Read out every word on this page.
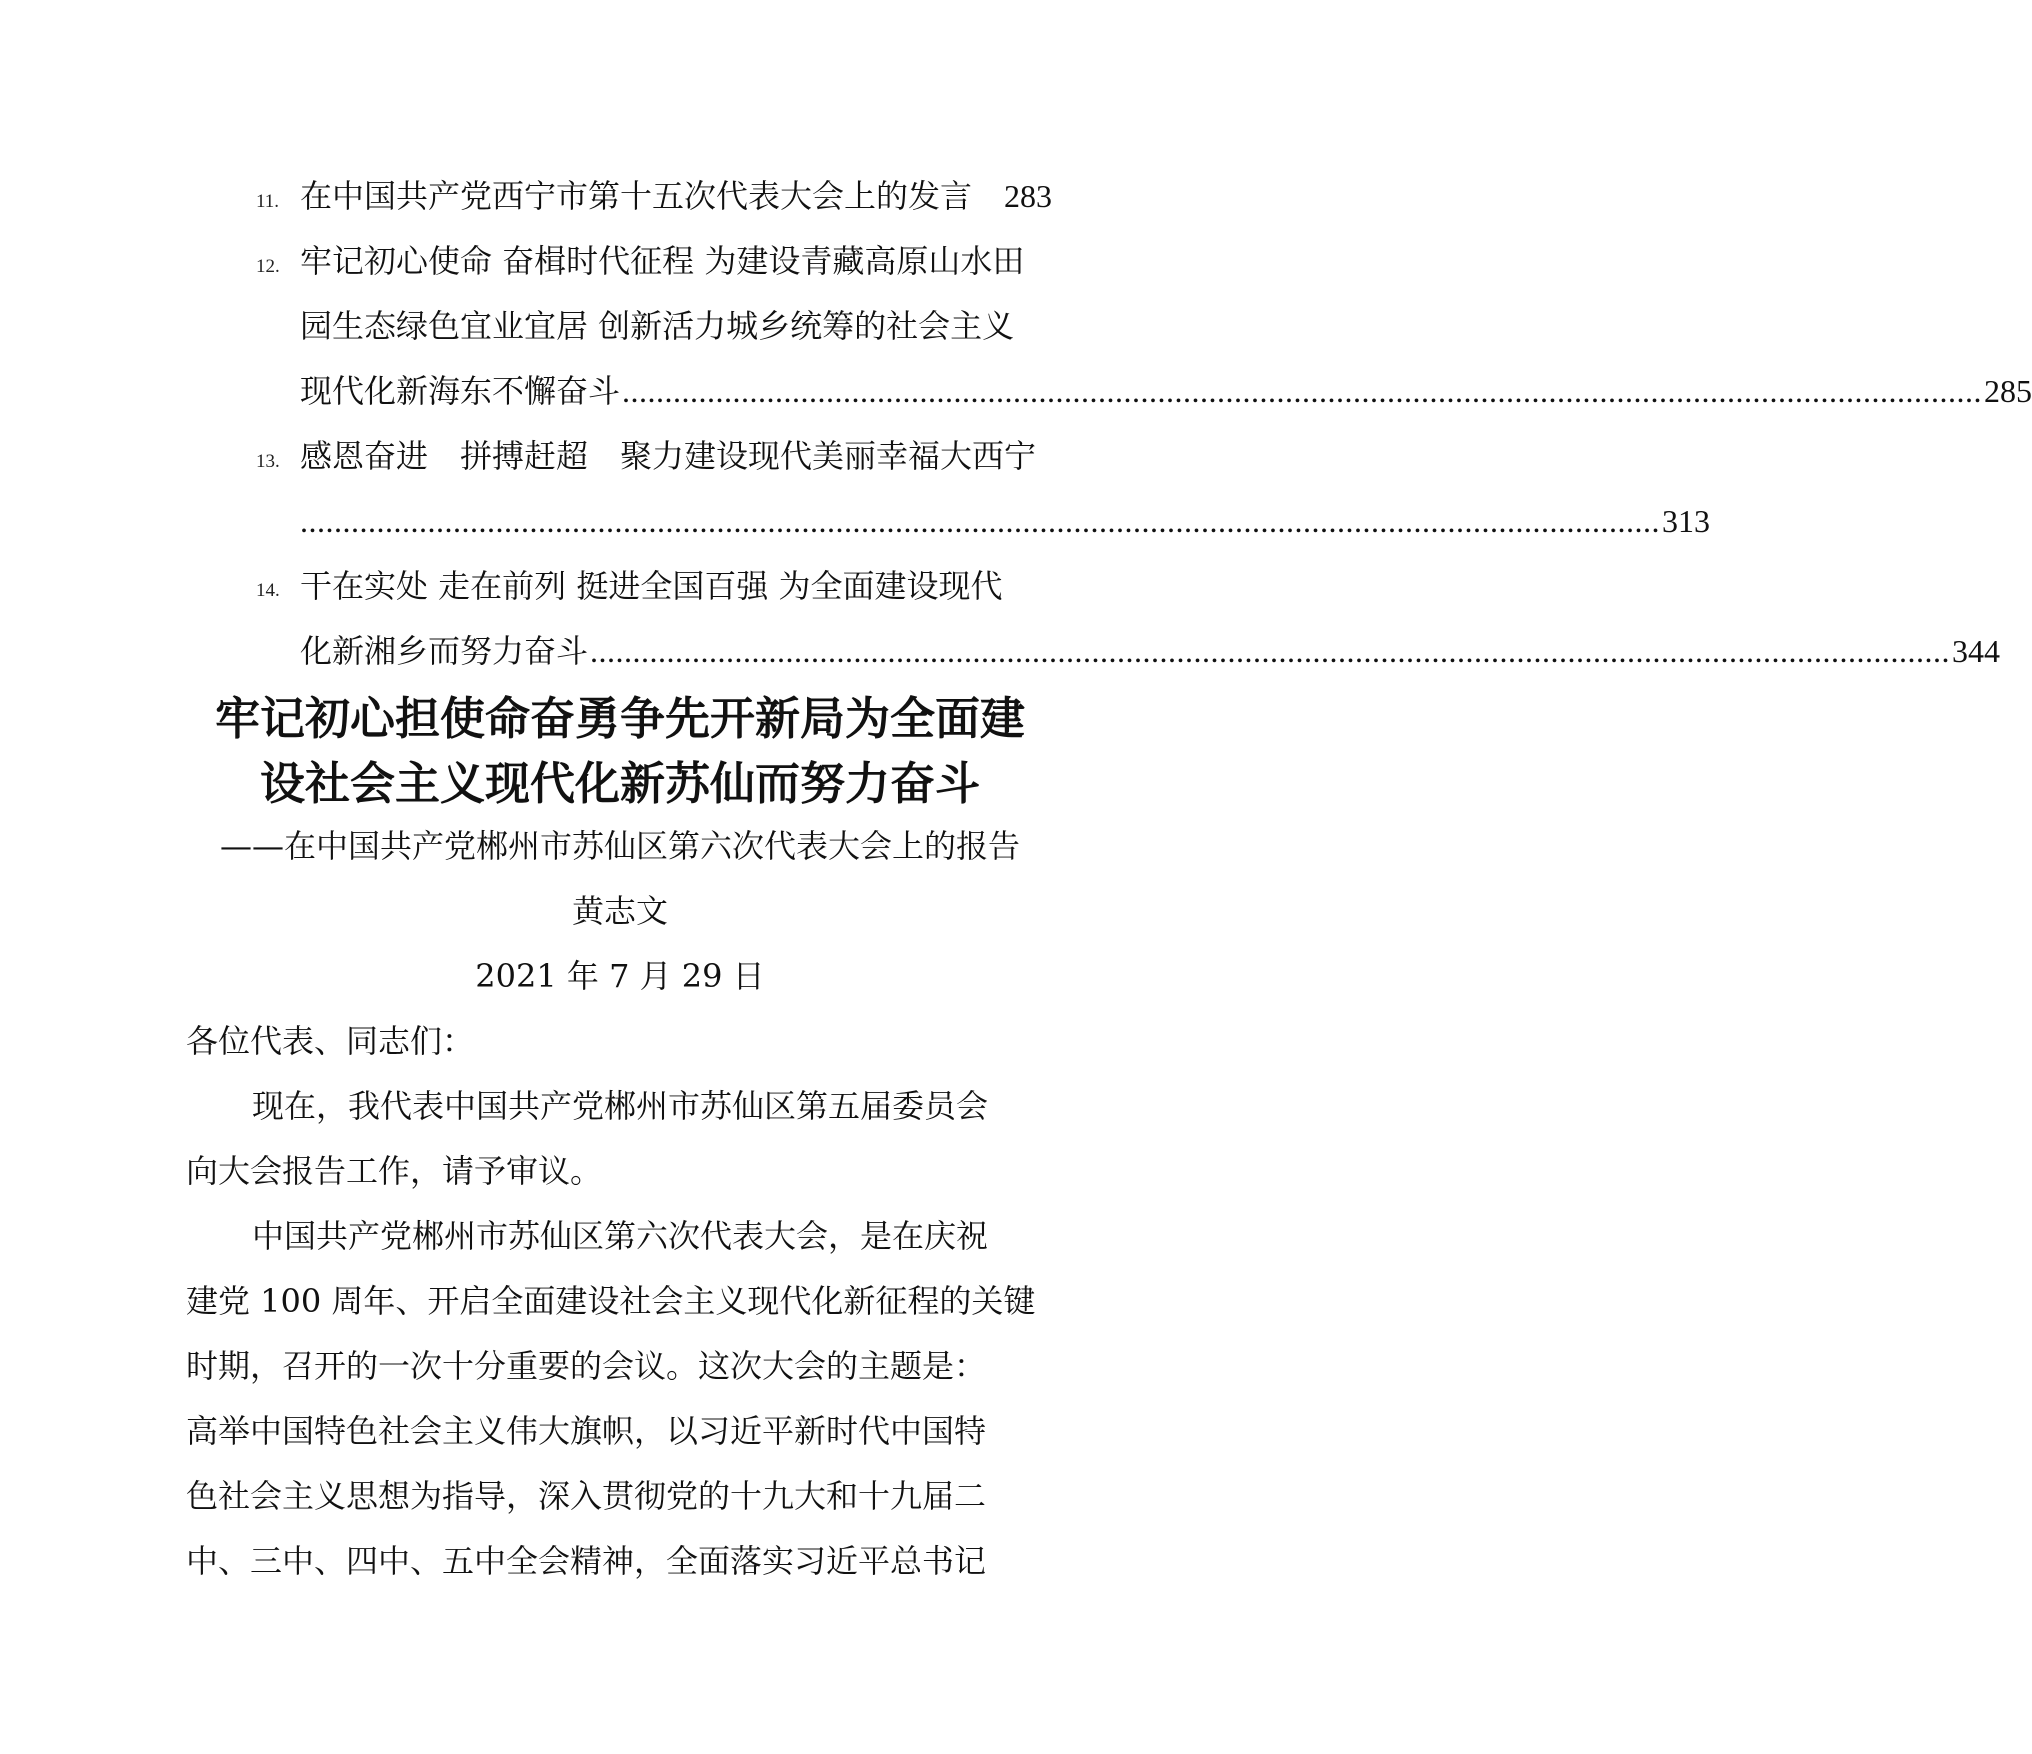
11. 在中国共产党西宁市第十五次代表大会上的发言 283
12. 牢记初心使命 奋楫时代征程 为建设青藏高原山水田
园生态绿色宜业宜居 创新活力城乡统筹的社会主义
现代化新海东不懈奋斗 ................................................................................................................................................................ 285
13. 感恩奋进　拼搏赶超　聚力建设现代美丽幸福大西宁
................................................................................................................................................................ 313
14. 干在实处 走在前列 挺进全国百强 为全面建设现代
化新湘乡而努力奋斗 ................................................................................................................................................................ 344
牢记初心担使命奋勇争先开新局为全面建
设社会主义现代化新苏仙而努力奋斗
——在中国共产党郴州市苏仙区第六次代表大会上的报告
黄志文
2021 年 7 月 29 日
各位代表、同志们：
现在，我代表中国共产党郴州市苏仙区第五届委员会
向大会报告工作，请予审议。
中国共产党郴州市苏仙区第六次代表大会，是在庆祝
建党 100 周年、开启全面建设社会主义现代化新征程的关键
时期，召开的一次十分重要的会议。这次大会的主题是：
高举中国特色社会主义伟大旗帜，以习近平新时代中国特
色社会主义思想为指导，深入贯彻党的十九大和十九届二
中、三中、四中、五中全会精神，全面落实习近平总书记
